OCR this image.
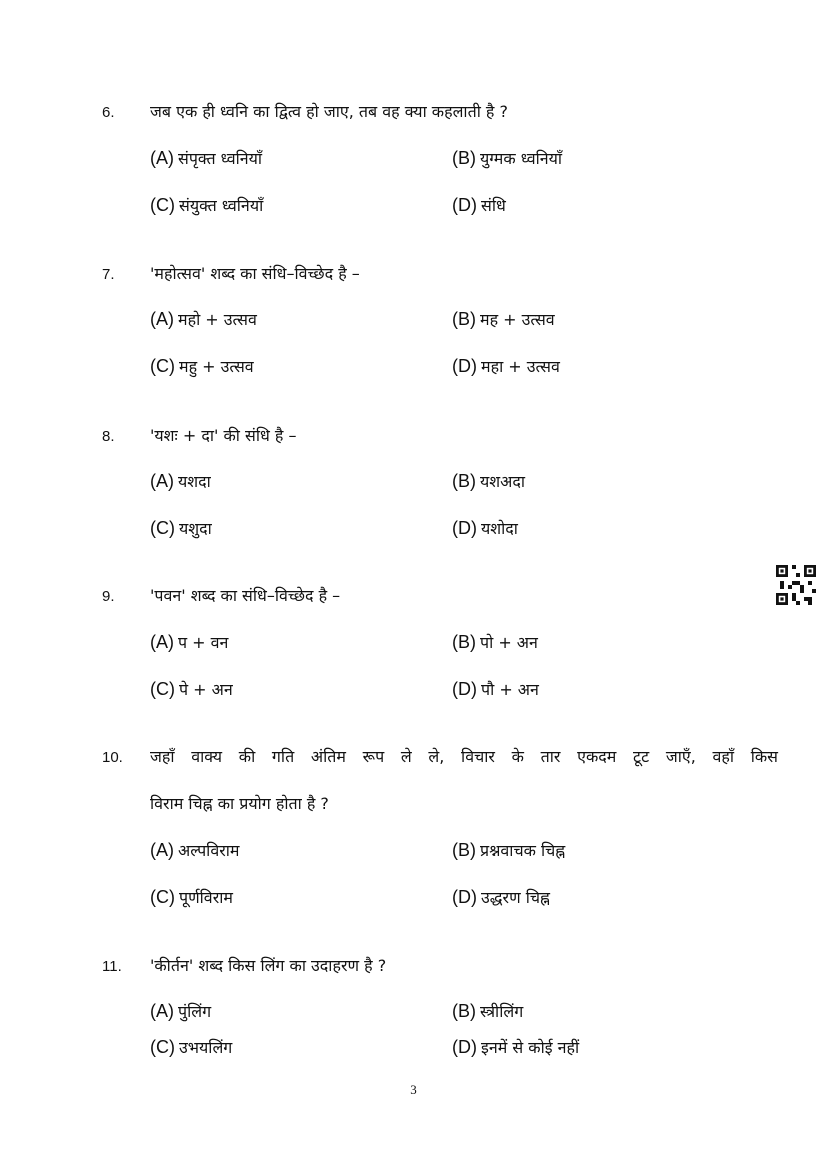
6. जब एक ही ध्वनि का द्वित्व हो जाए, तब वह क्या कहलाती है ?
(A) संपृक्त ध्वनियाँ	(B) युग्मक ध्वनियाँ
(C) संयुक्त ध्वनियाँ	(D) संधि
7. 'महोत्सव' शब्द का संधि–विच्छेद है –
(A) महो + उत्सव	(B) मह + उत्सव
(C) महु + उत्सव	(D) महा + उत्सव
8. 'यशः + दा' की संधि है –
(A) यशदा	(B) यशअदा
(C) यशुदा	(D) यशोदा
9. 'पवन' शब्द का संधि–विच्छेद है –
(A) प + वन	(B) पो + अन
(C) पे + अन	(D) पौ + अन
10. जहाँ वाक्य की गति अंतिम रूप ले ले, विचार के तार एकदम टूट जाएँ, वहाँ किस
विराम चिह्न का प्रयोग होता है ?
(A) अल्पविराम	(B) प्रश्नवाचक चिह्न
(C) पूर्णविराम	(D) उद्धरण चिह्न
11. 'कीर्तन' शब्द किस लिंग का उदाहरण है ?
(A) पुंलिंग	(B) स्त्रीलिंग
(C) उभयलिंग	(D) इनमें से कोई नहीं
3
